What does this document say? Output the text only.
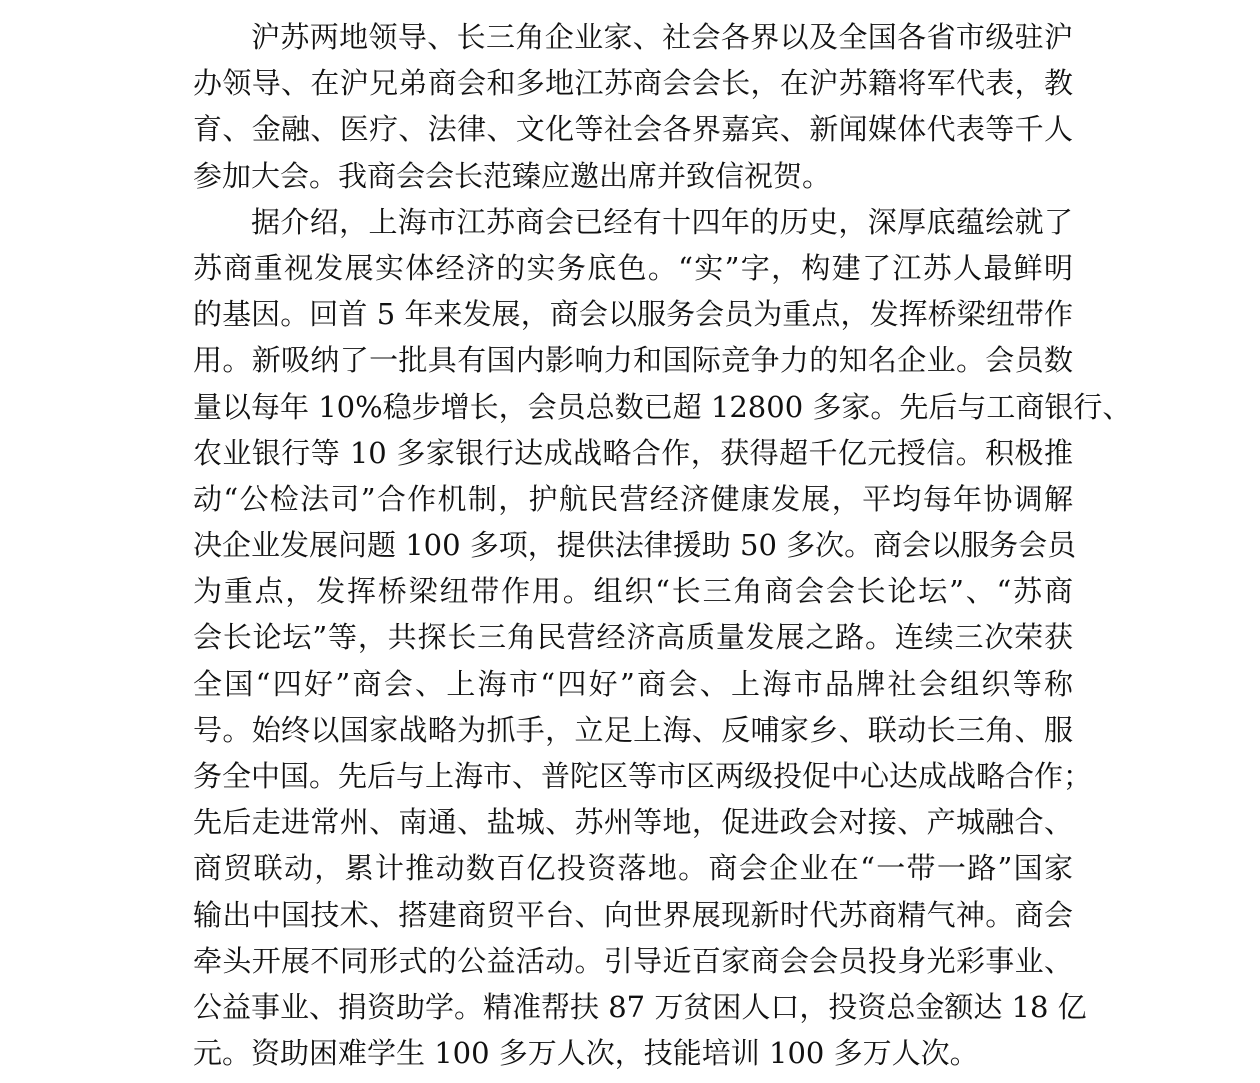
沪苏两地领导、长三角企业家、社会各界以及全国各省市级驻沪
办领导、在沪兄弟商会和多地江苏商会会长，在沪苏籍将军代表，教
育、金融、医疗、法律、文化等社会各界嘉宾、新闻媒体代表等千人
参加大会。我商会会长范臻应邀出席并致信祝贺。
据介绍，上海市江苏商会已经有十四年的历史，深厚底蕴绘就了
苏商重视发展实体经济的实务底色。“实”字，构建了江苏人最鲜明
的基因。回首 5 年来发展，商会以服务会员为重点，发挥桥梁纽带作
用。新吸纳了一批具有国内影响力和国际竞争力的知名企业。会员数
量以每年 10%稳步增长，会员总数已超 12800 多家。先后与工商银行、
农业银行等 10 多家银行达成战略合作，获得超千亿元授信。积极推
动“公检法司”合作机制，护航民营经济健康发展，平均每年协调解
决企业发展问题 100 多项，提供法律援助 50 多次。商会以服务会员
为重点，发挥桥梁纽带作用。组织“长三角商会会长论坛”、“苏商
会长论坛”等，共探长三角民营经济高质量发展之路。连续三次荣获
全国“四好”商会、上海市“四好”商会、上海市品牌社会组织等称
号。始终以国家战略为抓手，立足上海、反哺家乡、联动长三角、服
务全中国。先后与上海市、普陀区等市区两级投促中心达成战略合作；
先后走进常州、南通、盐城、苏州等地，促进政会对接、产城融合、
商贸联动，累计推动数百亿投资落地。商会企业在“一带一路”国家
输出中国技术、搭建商贸平台、向世界展现新时代苏商精气神。商会
牵头开展不同形式的公益活动。引导近百家商会会员投身光彩事业、
公益事业、捐资助学。精准帮扶 87 万贫困人口，投资总金额达 18 亿
元。资助困难学生 100 多万人次，技能培训 100 多万人次。
